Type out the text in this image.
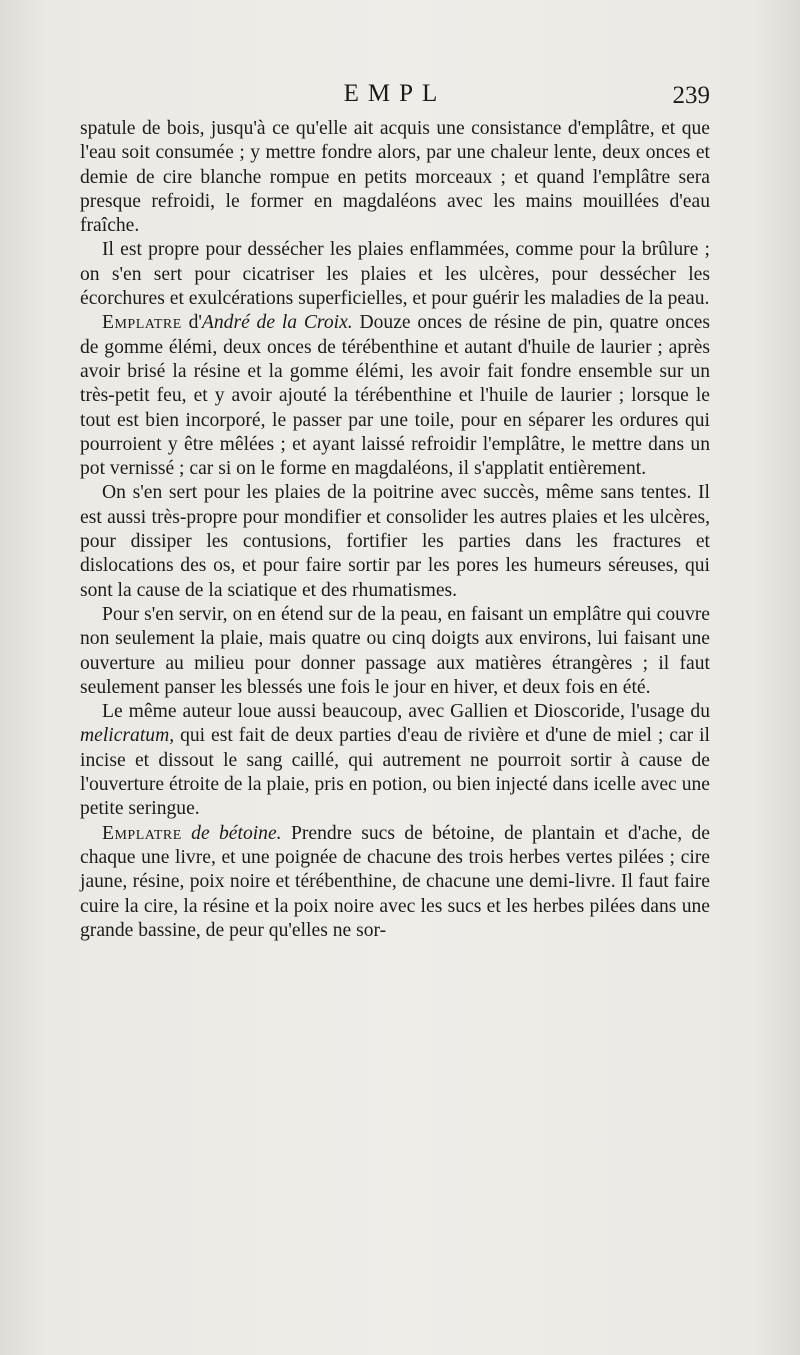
EMPL	239

spatule de bois, jusqu'à ce qu'elle ait acquis une consistance d'emplâtre, et que l'eau soit consumée ; y mettre fondre alors, par une chaleur lente, deux onces et demie de cire blanche rompue en petits morceaux ; et quand l'emplâtre sera presque refroidi, le former en magdaléons avec les mains mouillées d'eau fraîche.

Il est propre pour dessécher les plaies enflammées, comme pour la brûlure ; on s'en sert pour cicatriser les plaies et les ulcères, pour dessécher les écorchures et exulcérations superficielles, et pour guérir les maladies de la peau.

Emplatre d'André de la Croix. Douze onces de résine de pin, quatre onces de gomme élémi, deux onces de térébenthine et autant d'huile de laurier ; après avoir brisé la résine et la gomme élémi, les avoir fait fondre ensemble sur un très-petit feu, et y avoir ajouté la térébenthine et l'huile de laurier ; lorsque le tout est bien incorporé, le passer par une toile, pour en séparer les ordures qui pourroient y être mêlées ; et ayant laissé refroidir l'emplâtre, le mettre dans un pot vernissé ; car si on le forme en magdaléons, il s'applatit entièrement.

On s'en sert pour les plaies de la poitrine avec succès, même sans tentes. Il est aussi très-propre pour mondifier et consolider les autres plaies et les ulcères, pour dissiper les contusions, fortifier les parties dans les fractures et dislocations des os, et pour faire sortir par les pores les humeurs séreuses, qui sont la cause de la sciatique et des rhumatismes.

Pour s'en servir, on en étend sur de la peau, en faisant un emplâtre qui couvre non seulement la plaie, mais quatre ou cinq doigts aux environs, lui faisant une ouverture au milieu pour donner passage aux matières étrangères ; il faut seulement panser les blessés une fois le jour en hiver, et deux fois en été.

Le même auteur loue aussi beaucoup, avec Gallien et Dioscoride, l'usage du melicratum, qui est fait de deux parties d'eau de rivière et d'une de miel ; car il incise et dissout le sang caillé, qui autrement ne pourroit sortir à cause de l'ouverture étroite de la plaie, pris en potion, ou bien injecté dans icelle avec une petite seringue.

Emplatre de bétoine. Prendre sucs de bétoine, de plantain et d'ache, de chaque une livre, et une poignée de chacune des trois herbes vertes pilées ; cire jaune, résine, poix noire et térébenthine, de chacune une demi-livre. Il faut faire cuire la cire, la résine et la poix noire avec les sucs et les herbes pilées dans une grande bassine, de peur qu'elles ne sor-
